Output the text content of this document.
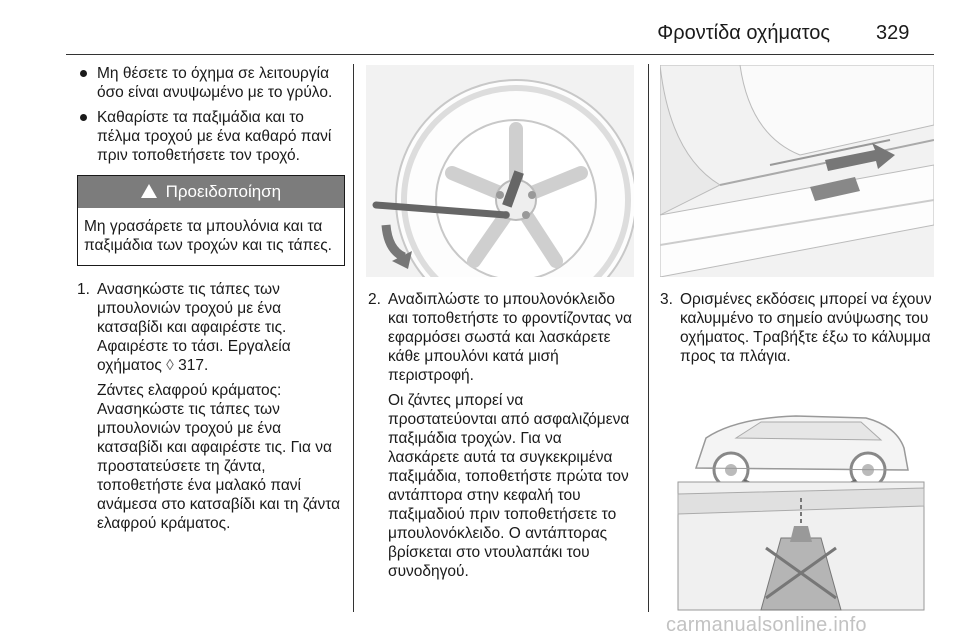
Φροντίδα οχήματος 329
Μη θέσετε το όχημα σε λειτουργία όσο είναι ανυψωμένο με το γρύλο.
Καθαρίστε τα παξιμάδια και το πέλμα τροχού με ένα καθαρό πανί πριν τοποθετήσετε τον τροχό.
Προειδοποίηση
Μη γρασάρετε τα μπουλόνια και τα παξιμάδια των τροχών και τις τάπες.
1. Ανασηκώστε τις τάπες των μπουλονιών τροχού με ένα κατσαβίδι και αφαιρέστε τις. Αφαιρέστε το τάσι. Εργαλεία οχήματος ◊ 317.

Ζάντες ελαφρού κράματος: Ανασηκώστε τις τάπες των μπουλονιών τροχού με ένα κατσαβίδι και αφαιρέστε τις. Για να προστατεύσετε τη ζάντα, τοποθετήστε ένα μαλακό πανί ανάμεσα στο κατσαβίδι και τη ζάντα ελαφρού κράματος.

2. Αναδιπλώστε το μπουλονόκλειδο και τοποθετήστε το φροντίζοντας να εφαρμόσει σωστά και λασκάρετε κάθε μπουλόνι κατά μισή περιστροφή.

Οι ζάντες μπορεί να προστατεύονται από ασφαλιζόμενα παξιμάδια τροχών. Για να λασκάρετε αυτά τα συγκεκριμένα παξιμάδια, τοποθετήστε πρώτα τον αντάπτορα στην κεφαλή του παξιμαδιού πριν τοποθετήσετε το μπουλονόκλειδο. Ο αντάπτορας βρίσκεται στο ντουλαπάκι του συνοδηγού.

3. Ορισμένες εκδόσεις μπορεί να έχουν καλυμμένο το σημείο ανύψωσης του οχήματος. Τραβήξτε έξω το κάλυμμα προς τα πλάγια.

carmanualsonline.info
